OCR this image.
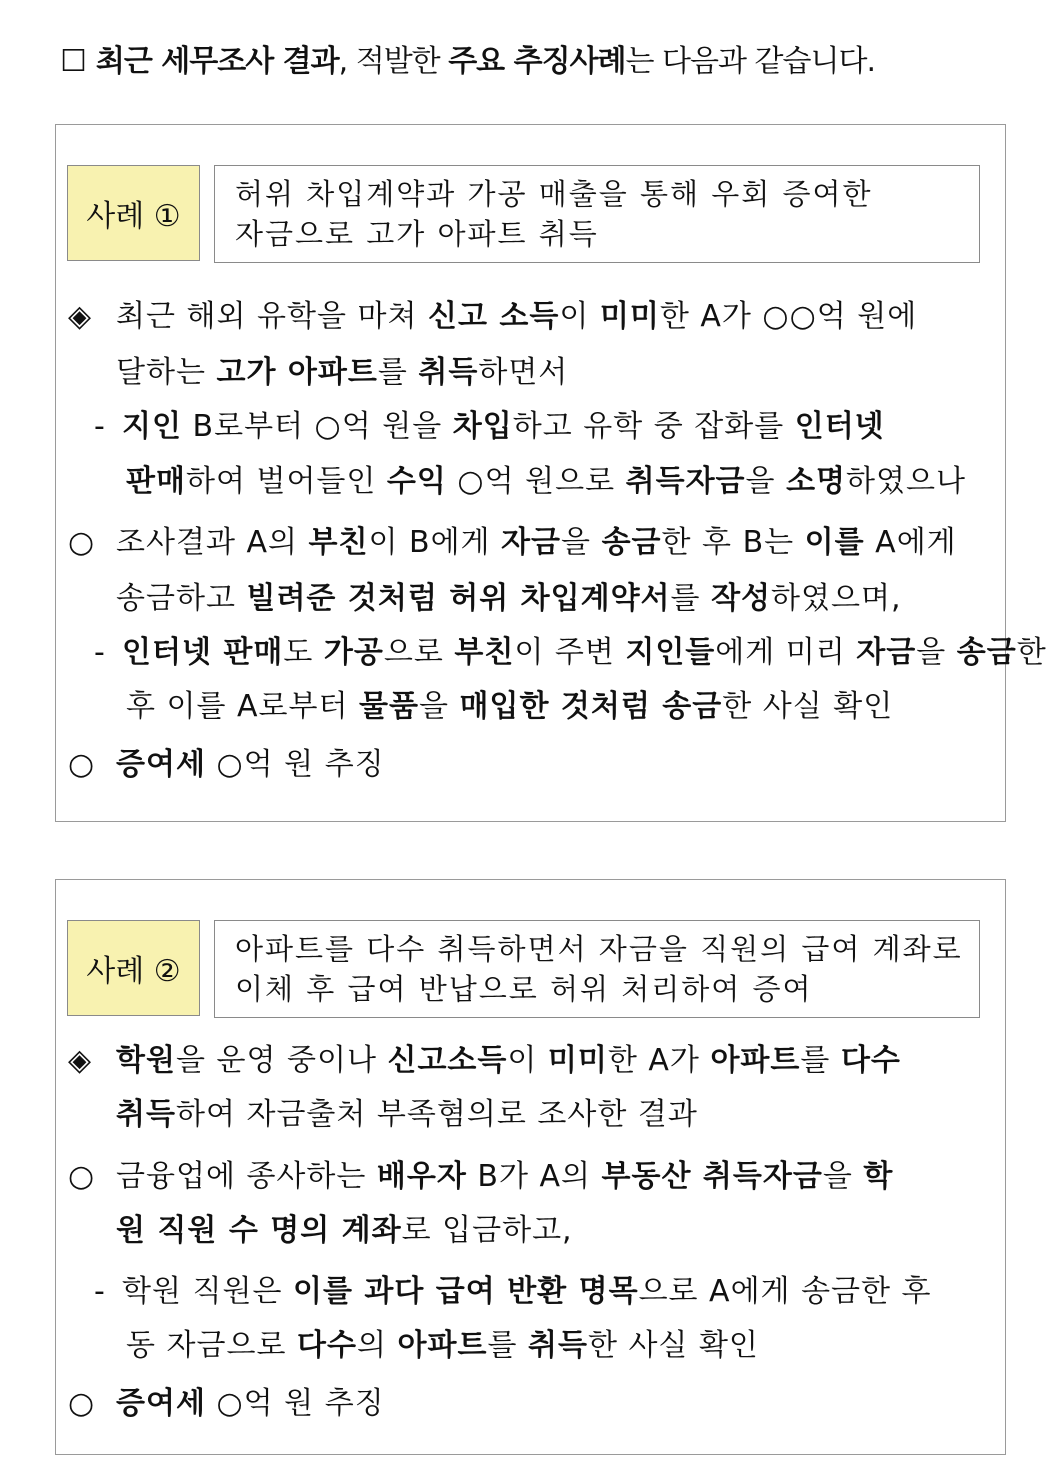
☐ 최근 세무조사 결과, 적발한 주요 추징사례는 다음과 같습니다.
사례 ①
허위 차입계약과 가공 매출을 통해 우회 증여한
자금으로 고가 아파트 취득
◈최근 해외 유학을 마쳐 신고 소득이 미미한 A가 ○○억 원에
달하는 고가 아파트를 취득하면서
-지인 B로부터 ○억 원을 차입하고 유학 중 잡화를 인터넷
판매하여 벌어들인 수익 ○억 원으로 취득자금을 소명하였으나
○조사결과 A의 부친이 B에게 자금을 송금한 후 B는 이를 A에게
송금하고 빌려준 것처럼 허위 차입계약서를 작성하였으며,
-인터넷 판매도 가공으로 부친이 주변 지인들에게 미리 자금을 송금한
후 이를 A로부터 물품을 매입한 것처럼 송금한 사실 확인
○증여세 ○억 원 추징
사례 ②
아파트를 다수 취득하면서 자금을 직원의 급여 계좌로
이체 후 급여 반납으로 허위 처리하여 증여
◈학원을 운영 중이나 신고소득이 미미한 A가 아파트를 다수
취득하여 자금출처 부족혐의로 조사한 결과
○금융업에 종사하는 배우자 B가 A의 부동산 취득자금을 학
원 직원 수 명의 계좌로 입금하고,
-학원 직원은 이를 과다 급여 반환 명목으로 A에게 송금한 후
동 자금으로 다수의 아파트를 취득한 사실 확인
○증여세 ○억 원 추징
